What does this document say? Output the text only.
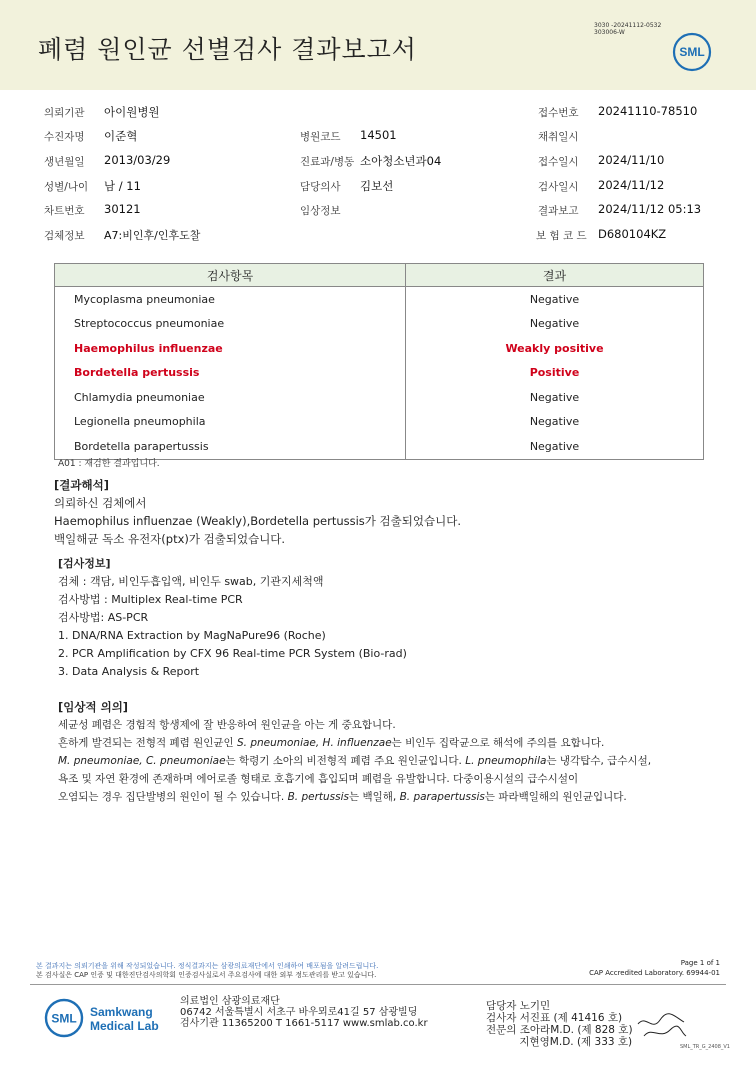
폐렴 원인균 선별검사 결과보고서
3030 -20241112-0532
303006-W
SML
의뢰기관 아이원병원	접수번호 20241110-78510
수진자명 이준혁	병원코드 14501	채취일시
생년월일 2013/03/29	진료과/병동 소아청소년과04	접수일시 2024/11/10
성별/나이 남 / 11	담당의사 김보선	검사일시 2024/11/12
차트번호 30121	임상정보	결과보고 2024/11/12 05:13
검체정보 A7:비인후/인후도찰	보 험 코 드 D680104KZ
검사항목	결과
Mycoplasma pneumoniae	Negative
Streptococcus pneumoniae	Negative
Haemophilus influenzae	Weakly positive
Bordetella pertussis	Positive
Chlamydia pneumoniae	Negative
Legionella pneumophila	Negative
Bordetella parapertussis	Negative
A01 : 재검한 결과입니다.
[결과해석]
의뢰하신 검체에서
Haemophilus influenzae (Weakly),Bordetella pertussis가 검출되었습니다.
백일해균 독소 유전자(ptx)가 검출되었습니다.
[검사정보]
검체 : 객담, 비인두흡입액, 비인두 swab, 기관지세척액
검사방법 : Multiplex Real-time PCR
검사방법: AS-PCR
1. DNA/RNA Extraction by MagNaPure96 (Roche)
2. PCR Amplification by CFX 96 Real-time PCR System (Bio-rad)
3. Data Analysis & Report
[임상적 의의]
세균성 폐렴은 경험적 항생제에 잘 반응하여 원인균을 아는 게 중요합니다.
흔하게 발견되는 전형적 폐렴 원인균인 S. pneumoniae, H. influenzae는 비인두 집락균으로 해석에 주의를 요합니다.
M. pneumoniae, C. pneumoniae는 학령기 소아의 비전형적 폐렴 주요 원인균입니다. L. pneumophila는 냉각탑수, 급수시설,
욕조 및 자연 환경에 존재하며 에어로졸 형태로 호흡기에 흡입되며 폐렴을 유발합니다. 다중이용시설의 급수시설이
오염되는 경우 집단발병의 원인이 될 수 있습니다. B. pertussis는 백일해, B. parapertussis는 파라백일해의 원인균입니다.
본 결과지는 의뢰기관을 위해 작성되었습니다. 정식결과지는 삼광의료재단에서 인쇄하여 배포됨을 알려드립니다.
본 검사실은 CAP 인증 및 대한진단검사의학회 인증검사실로서 주요검사에 대한 외부 정도관리를 받고 있습니다.
Page 1 of 1
CAP Accredited Laboratory. 69944-01
SML Samkwang
Medical Lab
의료법인 삼광의료재단
06742 서울특별시 서초구 바우뫼로41길 57 삼광빌딩
검사기관 11365200 T 1661-5117 www.smlab.co.kr
담당자 노기민
검사자 서진표 (제 41416 호)
전문의 조아라M.D. (제 828 호)
지현영M.D. (제 333 호)	SML_TR_G_2408_V1
